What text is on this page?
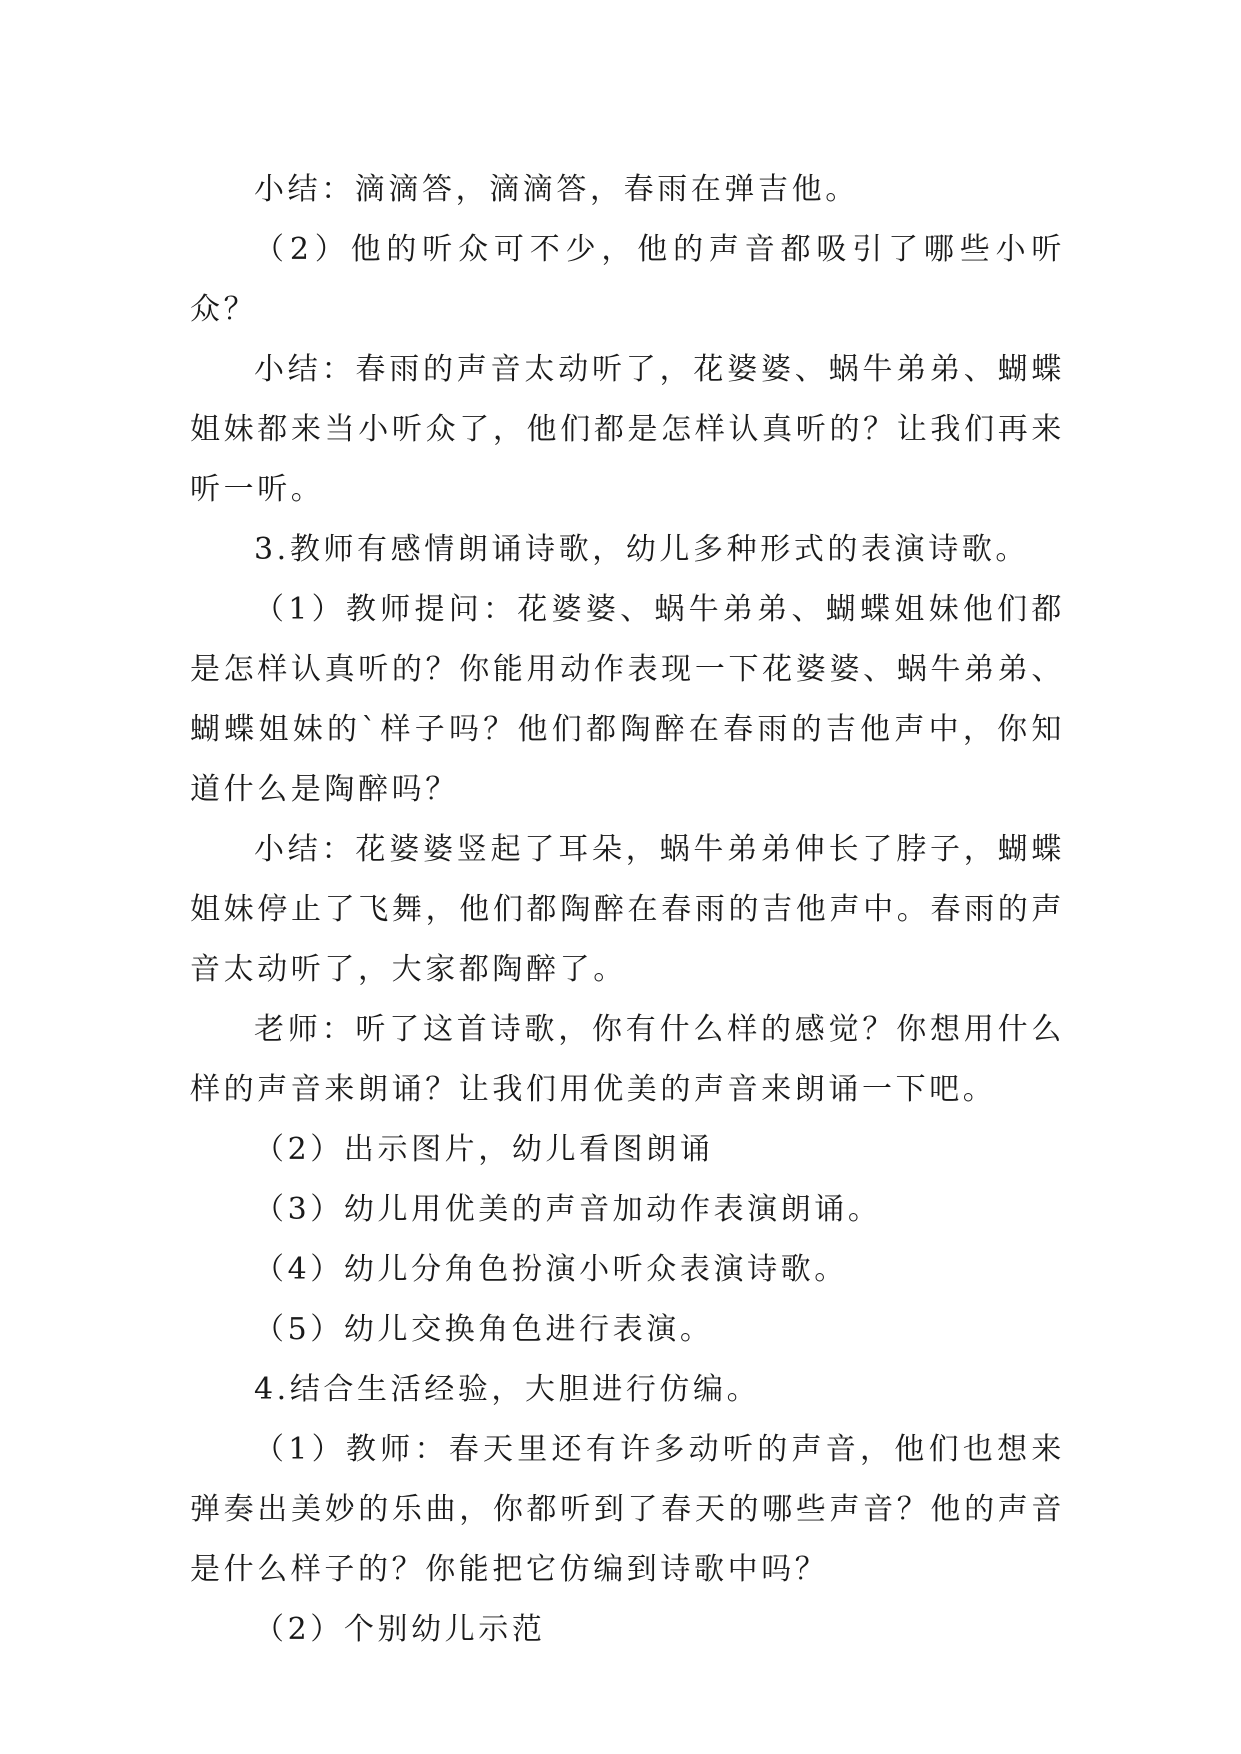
小结：滴滴答，滴滴答，春雨在弹吉他。

（2）他的听众可不少，他的声音都吸引了哪些小听众？

小结：春雨的声音太动听了，花婆婆、蜗牛弟弟、蝴蝶姐妹都来当小听众了，他们都是怎样认真听的？让我们再来听一听。

3.教师有感情朗诵诗歌，幼儿多种形式的表演诗歌。

（1）教师提问：花婆婆、蜗牛弟弟、蝴蝶姐妹他们都是怎样认真听的？你能用动作表现一下花婆婆、蜗牛弟弟、蝴蝶姐妹的`样子吗？他们都陶醉在春雨的吉他声中，你知道什么是陶醉吗？

小结：花婆婆竖起了耳朵，蜗牛弟弟伸长了脖子，蝴蝶姐妹停止了飞舞，他们都陶醉在春雨的吉他声中。春雨的声音太动听了，大家都陶醉了。

老师：听了这首诗歌，你有什么样的感觉？你想用什么样的声音来朗诵？让我们用优美的声音来朗诵一下吧。

（2）出示图片，幼儿看图朗诵

（3）幼儿用优美的声音加动作表演朗诵。

（4）幼儿分角色扮演小听众表演诗歌。

（5）幼儿交换角色进行表演。

4.结合生活经验，大胆进行仿编。

（1）教师：春天里还有许多动听的声音，他们也想来弹奏出美妙的乐曲，你都听到了春天的哪些声音？他的声音是什么样子的？你能把它仿编到诗歌中吗？

（2）个别幼儿示范
